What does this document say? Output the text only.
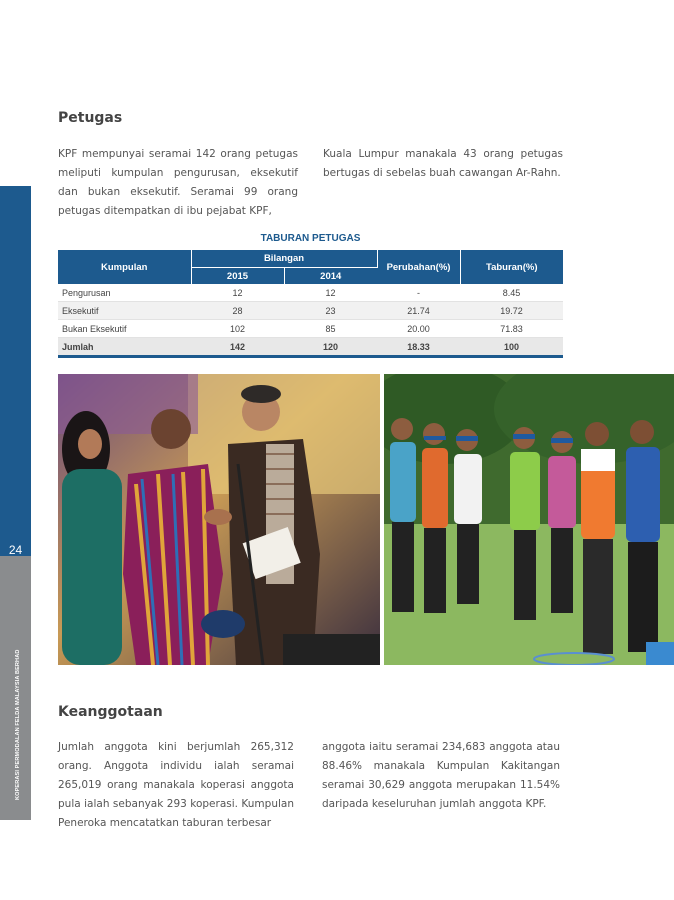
24
KOPERASI PERMODALAN FELDA MALAYSIA BERHAD
Petugas

KPF mempunyai seramai 142 orang petugas meliputi kumpulan pengurusan, eksekutif dan bukan eksekutif. Seramai 99 orang petugas ditempatkan di ibu pejabat KPF,

Kuala Lumpur manakala 43 orang petugas bertugas di sebelas buah cawangan Ar-Rahn.

TABURAN PETUGAS
Kumpulan	Bilangan		Perubahan(%)	Taburan(%)
	2015	2014		
Pengurusan	12	12	-	8.45
Eksekutif	28	23	21.74	19.72
Bukan Eksekutif	102	85	20.00	71.83
Jumlah	142	120	18.33	100
Keanggotaan

Jumlah anggota kini berjumlah 265,312 orang. Anggota individu ialah seramai 265,019 orang manakala koperasi anggota pula ialah sebanyak 293 koperasi. Kumpulan Peneroka mencatatkan taburan terbesar

anggota iaitu seramai 234,683 anggota atau 88.46% manakala Kumpulan Kakitangan seramai 30,629 anggota merupakan 11.54% daripada keseluruhan jumlah anggota KPF.
